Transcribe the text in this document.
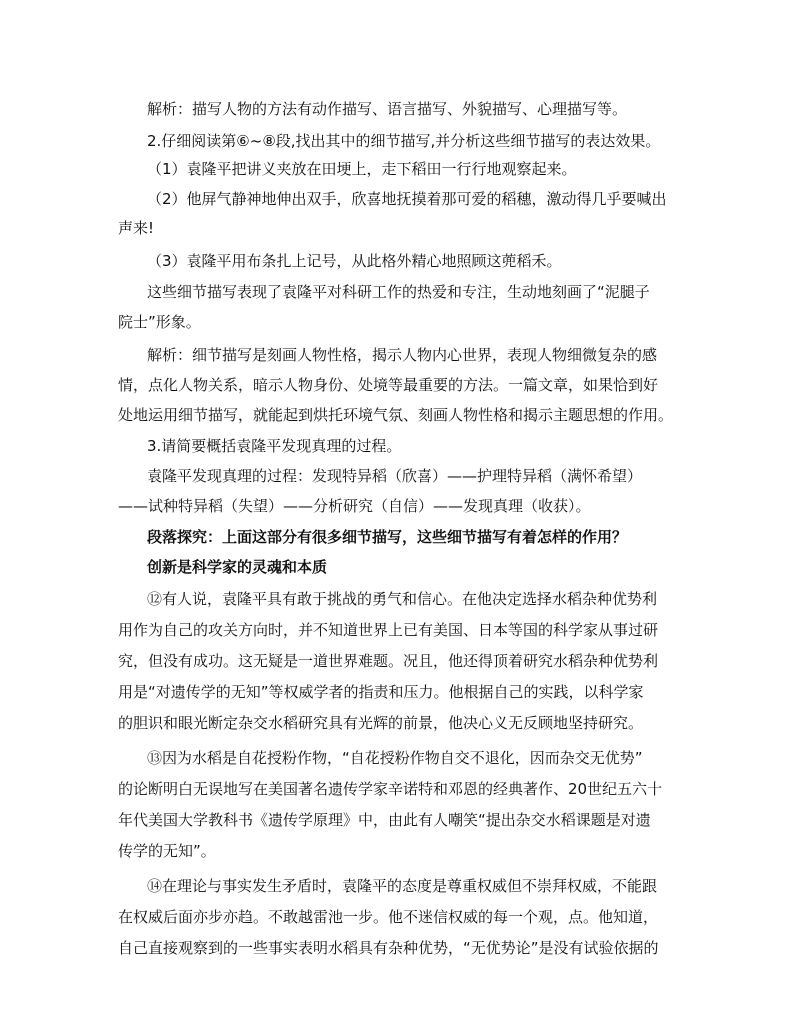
解析：描写人物的方法有动作描写、语言描写、外貌描写、心理描写等。
2.仔细阅读第⑥~⑧段,找出其中的细节描写,并分析这些细节描写的表达效果。
（1）袁隆平把讲义夹放在田埂上，走下稻田一行行地观察起来。
（2）他屏气静神地伸出双手，欣喜地抚摸着那可爱的稻穗，激动得几乎要喊出
声来!
（3）袁隆平用布条扎上记号，从此格外精心地照顾这蔸稻禾。
这些细节描写表现了袁隆平对科研工作的热爱和专注，生动地刻画了“泥腿子
院士”形象。
解析：细节描写是刻画人物性格，揭示人物内心世界，表现人物细微复杂的感
情，点化人物关系，暗示人物身份、处境等最重要的方法。一篇文章，如果恰到好
处地运用细节描写，就能起到烘托环境气氛、刻画人物性格和揭示主题思想的作用。
3.请简要概括袁隆平发现真理的过程。
袁隆平发现真理的过程：发现特异稻（欣喜）——护理特异稻（满怀希望）
——试种特异稻（失望）——分析研究（自信）——发现真理（收获）。
段落探究：上面这部分有很多细节描写，这些细节描写有着怎样的作用？
创新是科学家的灵魂和本质
⑫有人说，袁隆平具有敢于挑战的勇气和信心。在他决定选择水稻杂种优势利
用作为自己的攻关方向时，并不知道世界上已有美国、日本等国的科学家从事过研
究，但没有成功。这无疑是一道世界难题。况且，他还得顶着研究水稻杂种优势利
用是“对遗传学的无知”等权威学者的指责和压力。他根据自己的实践，以科学家
的胆识和眼光断定杂交水稻研究具有光辉的前景，他决心义无反顾地坚持研究。
⑬因为水稻是自花授粉作物，“自花授粉作物自交不退化，因而杂交无优势”
的论断明白无误地写在美国著名遗传学家辛诺特和邓恩的经典著作、20世纪五六十
年代美国大学教科书《遗传学原理》中，由此有人嘲笑“提出杂交水稻课题是对遗
传学的无知”。
⑭在理论与事实发生矛盾时，袁隆平的态度是尊重权威但不崇拜权威，不能跟
在权威后面亦步亦趋。不敢越雷池一步。他不迷信权威的每一个观，点。他知道，
自己直接观察到的一些事实表明水稻具有杂种优势，“无优势论”是没有试验依据的
